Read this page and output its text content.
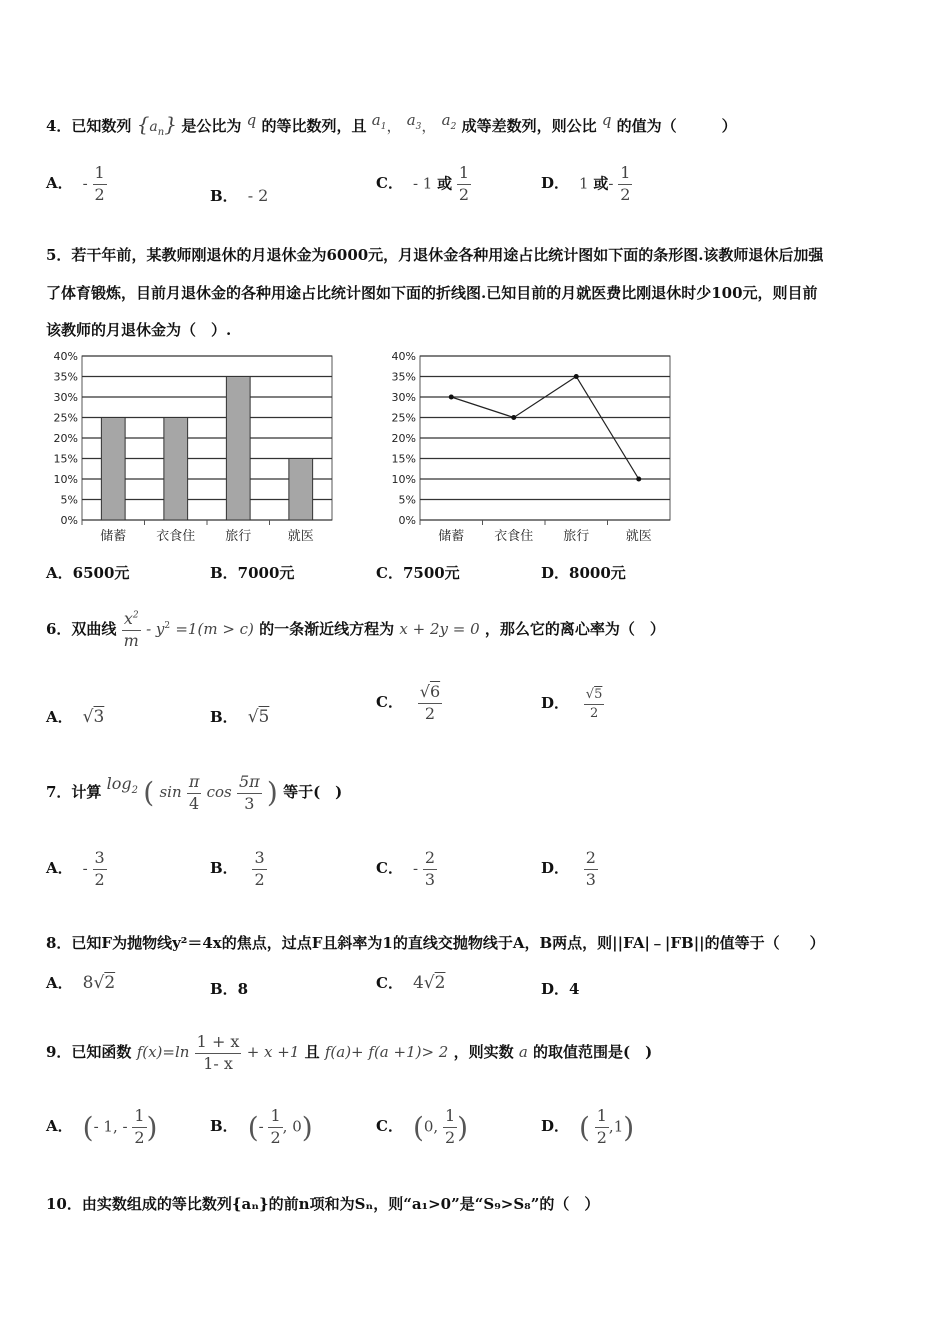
4．已知数列 $\{a_n\}$ 是公比为 q 的等比数列，且 $a_1$， $a_3$， $a_2$ 成等差数列，则公比 q 的值为（　　　）
A． - $\frac{1}{2}$	B． - 2
C． - 1 或 $\frac{1}{2}$	D． 1 或- $\frac{1}{2}$
5．若干年前，某教师刚退休的月退休金为6000元，月退休金各种用途占比统计图如下面的条形图.该教师退休后加强
了体育锻炼，目前月退休金的各种用途占比统计图如下面的折线图.已知目前的月就医费比刚退休时少100元，则目前
该教师的月退休金为（　）.
0%
5%
10%
15%
20%
25%
30%
35%
40%
储蓄 衣食住 旅行	就医
0%
5%
10%
15%
20%
25%
30%
35%
40%
储蓄 衣食住 旅行	就医
A．6500元	B．7000元	C．7500元	D．8000元
6．双曲线 $\frac{x^2}{m} - y^2 =1(m > c)$ 的一条渐近线方程为 x + 2y = 0 ，那么它的离心率为（　）
A． √3	B． √5
C． $\frac{√6}{2}$	D． $\frac{√5}{2}$
7．计算 $\log_2$ ( $\sin \frac{\pi}{4}$ $\cos \frac{5\pi}{3}$ ) 等于(　)
A． - $\frac{3}{2}$	B． $\frac{3}{2}$	C． - $\frac{2}{3}$	D． $\frac{2}{3}$
8．已知F为抛物线y²＝4x的焦点，过点F且斜率为1的直线交抛物线于A，B两点，则||FA|﹣|FB||的值等于（　　）
A． 8√2	B．8	C． 4√2	D．4
9．已知函数 $f(x)=\ln \frac{1 + x}{1- x} + x +1$ 且 f(a)+ f(a +1)> 2 ，则实数 a 的取值范围是(　)
A． (- 1, - $\frac{1}{2}$ )	B． (- $\frac{1}{2}$ , 0)	C． (0, $\frac{1}{2}$ )	D． ( $\frac{1}{2} ,1$)
10．由实数组成的等比数列{aₙ}的前n项和为Sₙ，则“a₁>0”是“S₉>S₈”的（　）
